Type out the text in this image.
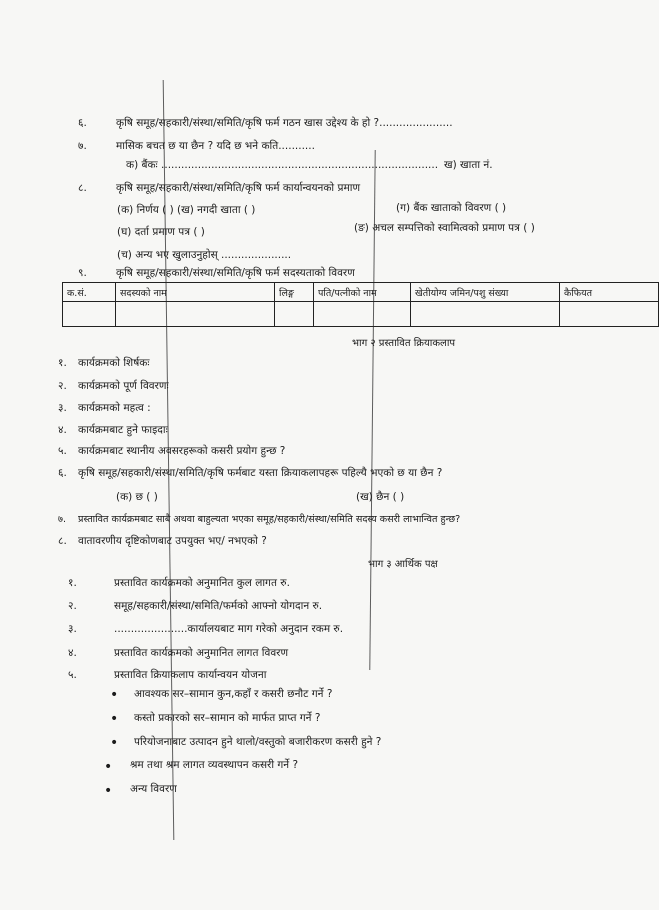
६.	कृषि समूह/सहकारी/संस्था/समिति/कृषि फर्म गठन खास उद्देश्य के हो ?......................
७.	मासिक बचत छ या छैन ? यदि छ भने कति...........
क) बैंकः ................................................................................... ख) खाता नं.
८.	कृषि समूह/सहकारी/संस्था/समिति/कृषि फर्म कार्यान्वयनको प्रमाण
(क) निर्णय ( ) (ख) नगदी खाता ( )	(ग) बैंक खाताको विवरण ( )
(घ) दर्ता प्रमाण पत्र ( )	(ङ) अचल सम्पत्तिको स्वामित्वको प्रमाण पत्र ( )
(च) अन्य भए खुलाउनुहोस् .....................
९.	कृषि समूह/सहकारी/संस्था/समिति/कृषि फर्म सदस्यताको विवरण
क.सं.	सदस्यको नाम	लिङ्ग	पति/पत्नीको नाम	खेतीयोग्य जमिन/पशु संख्या	कैफियत

भाग २ प्रस्तावित क्रियाकलाप
१. कार्यक्रमको शिर्षकः
२. कार्यक्रमको पूर्ण विवरणः
३. कार्यक्रमको महत्व :
४. कार्यक्रमबाट हुने फाइदाः
५. कार्यक्रमबाट स्थानीय अवसरहरूको कसरी प्रयोग हुन्छ ?
६. कृषि समूह/सहकारी/संस्था/समिति/कृषि फर्मबाट यस्ता क्रियाकलापहरू पहिल्यै भएको छ या छैन ?
(क) छ ( )	(ख) छैन ( )
७. प्रस्तावित कार्यक्रमबाट साबै अथवा बाहुल्यता भएका समूह/सहकारी/संस्था/समिति सदस्य कसरी लाभान्वित हुन्छ?
८. वातावरणीय दृष्टिकोणबाट उपयुक्त भए/ नभएको ?
भाग ३ आर्थिक पक्ष
१.	प्रस्तावित कार्यक्रमको अनुमानित कुल लागत रु.
२.	समूह/सहकारी/संस्था/समिति/फर्मको आफ्नो योगदान रु.
३.	......................कार्यालयबाट माग गरेको अनुदान रकम रु.
४.	प्रस्तावित कार्यक्रमको अनुमानित लागत विवरण
५.	प्रस्तावित क्रियाकलाप कार्यान्वयन योजना
• आवश्यक सर–सामान कुन,कहाँ र कसरी छनौट गर्ने ?
• कस्तो प्रकारको सर–सामान को मार्फत प्राप्त गर्ने ?
• परियोजनाबाट उत्पादन हुने थालो/वस्तुको बजारीकरण कसरी हुने ?
• श्रम तथा श्रम लागत व्यवस्थापन कसरी गर्ने ?
• अन्य विवरण
